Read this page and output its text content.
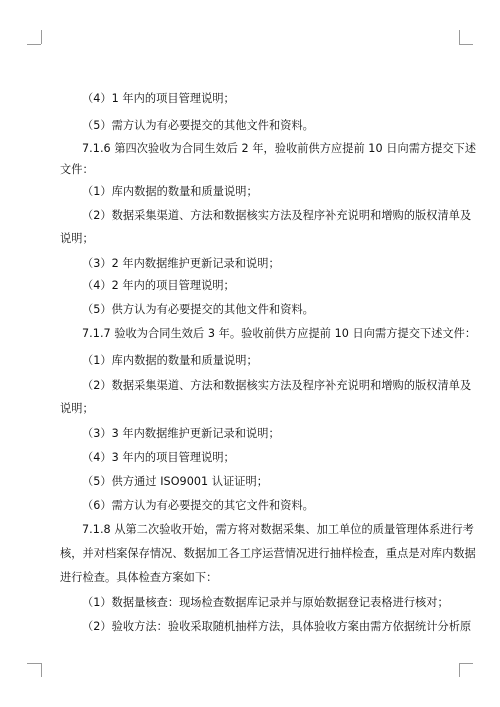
（4）1 年内的项目管理说明；

（5）需方认为有必要提交的其他文件和资料。

7.1.6 第四次验收为合同生效后 2 年，验收前供方应提前 10 日向需方提交下述

文件：

（1）库内数据的数量和质量说明；

（2）数据采集渠道、方法和数据核实方法及程序补充说明和增购的版权清单及

说明；

（3）2 年内数据维护更新记录和说明；

（4）2 年内的项目管理说明；

（5）供方认为有必要提交的其他文件和资料。

7.1.7 验收为合同生效后 3 年。验收前供方应提前 10 日向需方提交下述文件：

（1）库内数据的数量和质量说明；

（2）数据采集渠道、方法和数据核实方法及程序补充说明和增购的版权清单及

说明；

（3）3 年内数据维护更新记录和说明；

（4）3 年内的项目管理说明；

（5）供方通过 ISO9001 认证证明；

（6）需方认为有必要提交的其它文件和资料。

7.1.8 从第二次验收开始，需方将对数据采集、加工单位的质量管理体系进行考

核，并对档案保存情况、数据加工各工序运营情况进行抽样检查，重点是对库内数据

进行检查。具体检查方案如下：

（1）数据量核查：现场检查数据库记录并与原始数据登记表格进行核对；

（2）验收方法：验收采取随机抽样方法，具体验收方案由需方依据统计分析原
